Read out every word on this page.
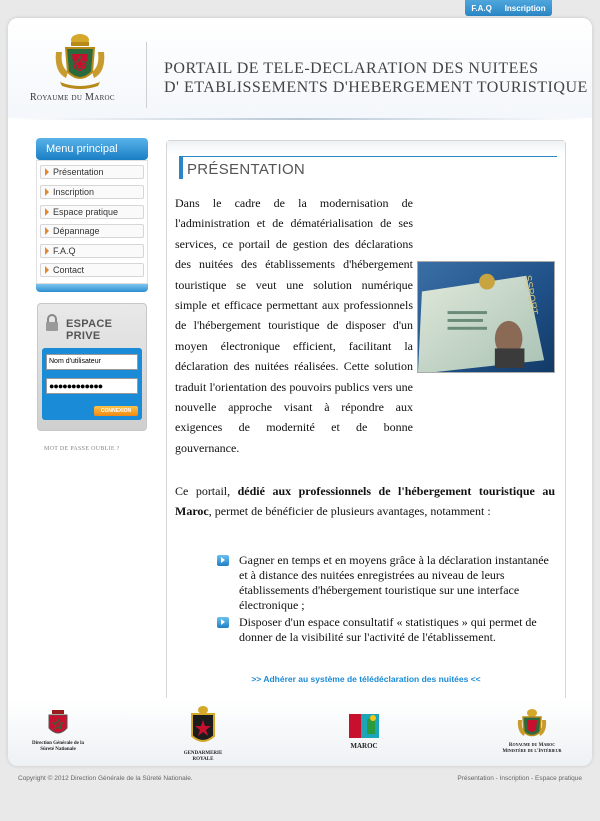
F.A.Q Inscription
Royaume du Maroc
PORTAIL DE TELE-DECLARATION DES NUITEES
D' ETABLISSEMENTS D'HEBERGEMENT TOURISTIQUE
Menu principal
Présentation
Inscription
Espace pratique
Dépannage
F.A.Q
Contact
ESPACE PRIVE
Nom d'utilisateur
●●●●●●●●●●●●
CONNEXION
MOT DE PASSE OUBLIE ?
PRÉSENTATION
Dans le cadre de la modernisation de l'administration et de dématérialisation de ses services, ce portail de gestion des déclarations des nuitées des établissements d'hébergement touristique se veut une solution numérique simple et efficace permettant aux professionnels de l'hébergement touristique de disposer d'un moyen électronique efficient, facilitant la déclaration des nuitées réalisées. Cette solution traduit l'orientation des pouvoirs publics vers une nouvelle approche visant à répondre aux exigences de modernité et de bonne gouvernance.
SSPORT
Ce portail, dédié aux professionnels de l'hébergement touristique au Maroc, permet de bénéficier de plusieurs avantages, notamment :
Gagner en temps et en moyens grâce à la déclaration instantanée et à distance des nuitées enregistrées au niveau de leurs établissements d'hébergement touristique sur une interface électronique ;
Disposer d'un espace consultatif « statistiques » qui permet de donner de la visibilité sur l'activité de l'établissement.
>> Adhérer au système de télédéclaration des nuitées <<
Direction Générale de la Sûreté Nationale
GENDARMERIE ROYALE
MAROC	Royaume du Maroc
Ministère de l'Intérieur
Copyright © 2012 Direction Générale de la Sûreté Nationale.	Présentation - Inscription - Espace pratique
